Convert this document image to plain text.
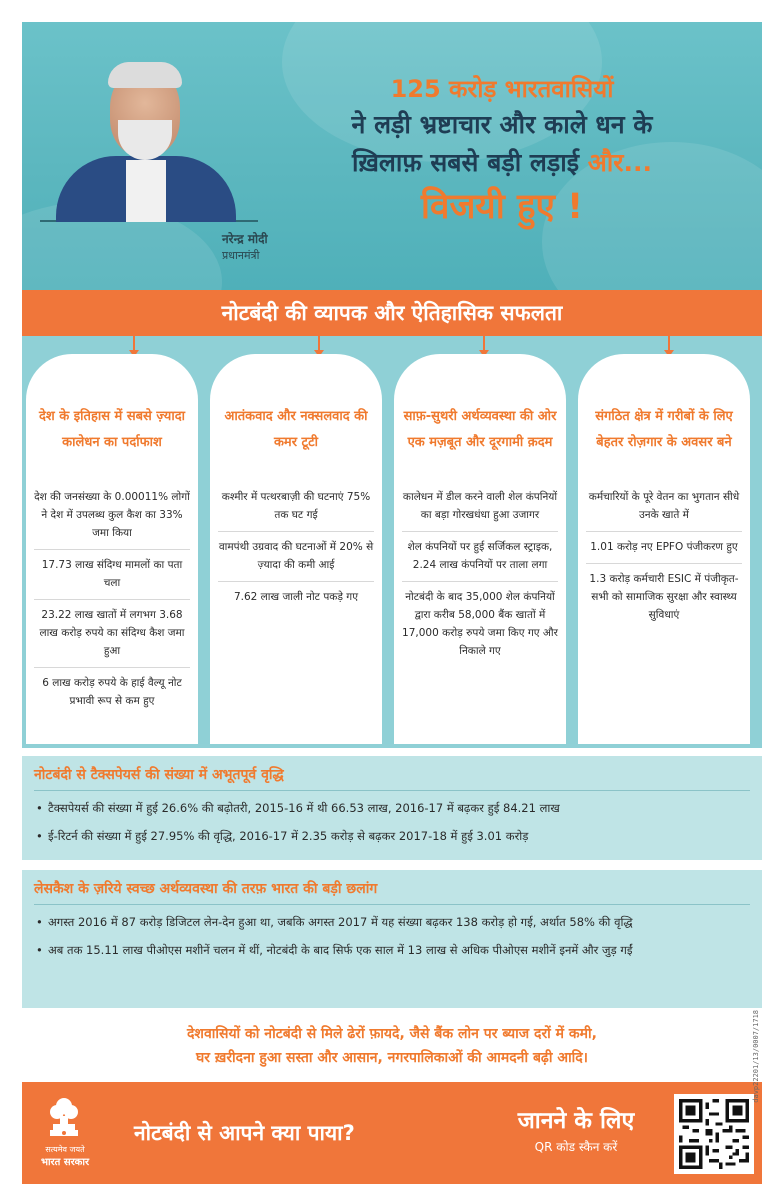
नरेन्द्र मोदी
प्रधानमंत्री
125 करोड़ भारतवासियों
ने लड़ी भ्रष्टाचार और काले धन के
ख़िलाफ़ सबसे बड़ी लड़ाई और...
विजयी हुए !
नोटबंदी की व्यापक और ऐतिहासिक सफलता
देश के इतिहास में सबसे ज़्यादा कालेधन का पर्दाफाश
देश की जनसंख्या के 0.00011% लोगों ने देश में उपलब्ध कुल कैश का 33% जमा किया
17.73 लाख संदिग्ध मामलों का पता चला
23.22 लाख खातों में लगभग 3.68 लाख करोड़ रुपये का संदिग्ध कैश जमा हुआ
6 लाख करोड़ रुपये के हाई वैल्यू नोट प्रभावी रूप से कम हुए
आतंकवाद और नक्सलवाद की कमर टूटी
कश्मीर में पत्थरबाज़ी की घटनाएं 75% तक घट गई
वामपंथी उग्रवाद की घटनाओं में 20% से ज़्यादा की कमी आई
7.62 लाख जाली नोट पकड़े गए
साफ़-सुथरी अर्थव्यवस्था की ओर एक मज़बूत और दूरगामी क़दम
कालेधन में डील करने वाली शेल कंपनियों का बड़ा गोरखधंधा हुआ उजागर
शेल कंपनियों पर हुई सर्जिकल स्ट्राइक, 2.24 लाख कंपनियों पर ताला लगा
नोटबंदी के बाद 35,000 शेल कंपनियों द्वारा करीब 58,000 बैंक खातों में 17,000 करोड़ रुपये जमा किए गए और निकाले गए
संगठित क्षेत्र में गरीबों के लिए बेहतर रोज़गार के अवसर बने
कर्मचारियों के पूरे वेतन का भुगतान सीधे उनके खाते में
1.01 करोड़ नए EPFO पंजीकरण हुए
1.3 करोड़ कर्मचारी ESIC में पंजीकृत- सभी को सामाजिक सुरक्षा और स्वास्थ्य सुविधाएं
नोटबंदी से टैक्सपेयर्स की संख्या में अभूतपूर्व वृद्धि
• टैक्सपेयर्स की संख्या में हुई 26.6% की बढ़ोतरी, 2015-16 में थी 66.53 लाख, 2016-17 में बढ़कर हुई 84.21 लाख
• ई-रिटर्न की संख्या में हुई 27.95% की वृद्धि, 2016-17 में 2.35 करोड़ से बढ़कर 2017-18 में हुई 3.01 करोड़
लेसकैश के ज़रिये स्वच्छ अर्थव्यवस्था की तरफ़ भारत की बड़ी छलांग
• अगस्त 2016 में 87 करोड़ डिजिटल लेन-देन हुआ था, जबकि अगस्त 2017 में यह संख्या बढ़कर 138 करोड़ हो गई, अर्थात 58% की वृद्धि
• अब तक 15.11 लाख पीओएस मशीनें चलन में थीं, नोटबंदी के बाद सिर्फ एक साल में 13 लाख से अधिक पीओएस मशीनें इनमें और जुड़ गईं
देशवासियों को नोटबंदी से मिले ढेरों फ़ायदे, जैसे बैंक लोन पर ब्याज दरों में कमी,
घर ख़रीदना हुआ सस्ता और आसान, नगरपालिकाओं की आमदनी बढ़ी आदि।
सत्यमेव जयते
भारत सरकार
नोटबंदी से आपने क्या पाया?	जानने के लिए
QR कोड स्कैन करें
davp22201/13/0007/1718
